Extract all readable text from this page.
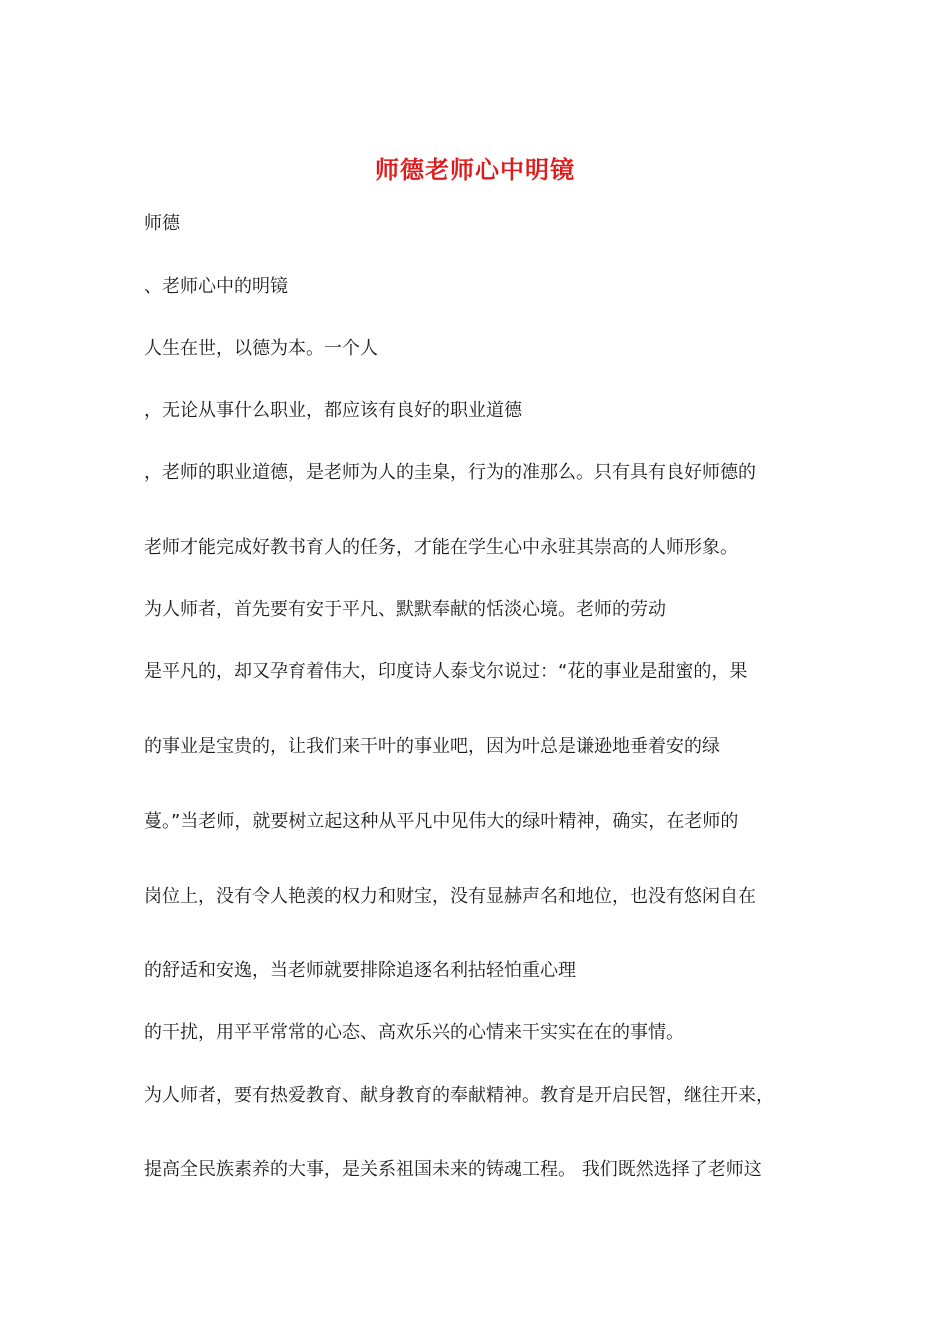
师德老师心中明镜
师德
、老师心中的明镜
人生在世，以德为本。一个人
，无论从事什么职业，都应该有良好的职业道德
，老师的职业道德，是老师为人的圭臬，行为的准那么。只有具有良好师德的
老师才能完成好教书育人的任务，才能在学生心中永驻其崇高的人师形象。
为人师者，首先要有安于平凡、默默奉献的恬淡心境。老师的劳动
是平凡的，却又孕育着伟大，印度诗人泰戈尔说过：“花的事业是甜蜜的，果
的事业是宝贵的，让我们来干叶的事业吧，因为叶总是谦逊地垂着安的绿
蔓。”当老师，就要树立起这种从平凡中见伟大的绿叶精神，确实，在老师的
岗位上，没有令人艳羡的权力和财宝，没有显赫声名和地位，也没有悠闲自在
的舒适和安逸，当老师就要排除追逐名利拈轻怕重心理
的干扰，用平平常常的心态、高欢乐兴的心情来干实实在在的事情。
为人师者，要有热爱教育、献身教育的奉献精神。教育是开启民智，继往开来，
提高全民族素养的大事，是关系祖国未来的铸魂工程。 我们既然选择了老师这
